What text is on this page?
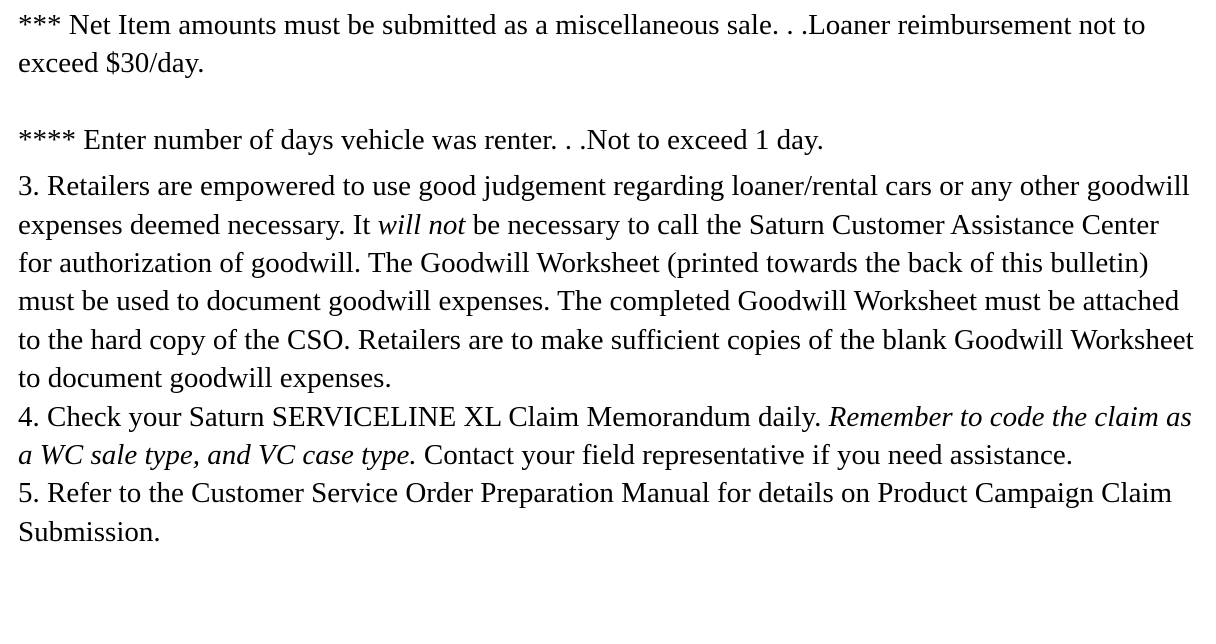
*** Net Item amounts must be submitted as a miscellaneous sale. . .Loaner reimbursement not to exceed $30/day.

**** Enter number of days vehicle was renter. . .Not to exceed 1 day.

3. Retailers are empowered to use good judgement regarding loaner/rental cars or any other goodwill expenses deemed necessary. It will not be necessary to call the Saturn Customer Assistance Center for authorization of goodwill. The Goodwill Worksheet (printed towards the back of this bulletin) must be used to document goodwill expenses. The completed Goodwill Worksheet must be attached to the hard copy of the CSO. Retailers are to make sufficient copies of the blank Goodwill Worksheet to document goodwill expenses.

4. Check your Saturn SERVICELINE XL Claim Memorandum daily. Remember to code the claim as a WC sale type, and VC case type. Contact your field representative if you need assistance.

5. Refer to the Customer Service Order Preparation Manual for details on Product Campaign Claim Submission.
